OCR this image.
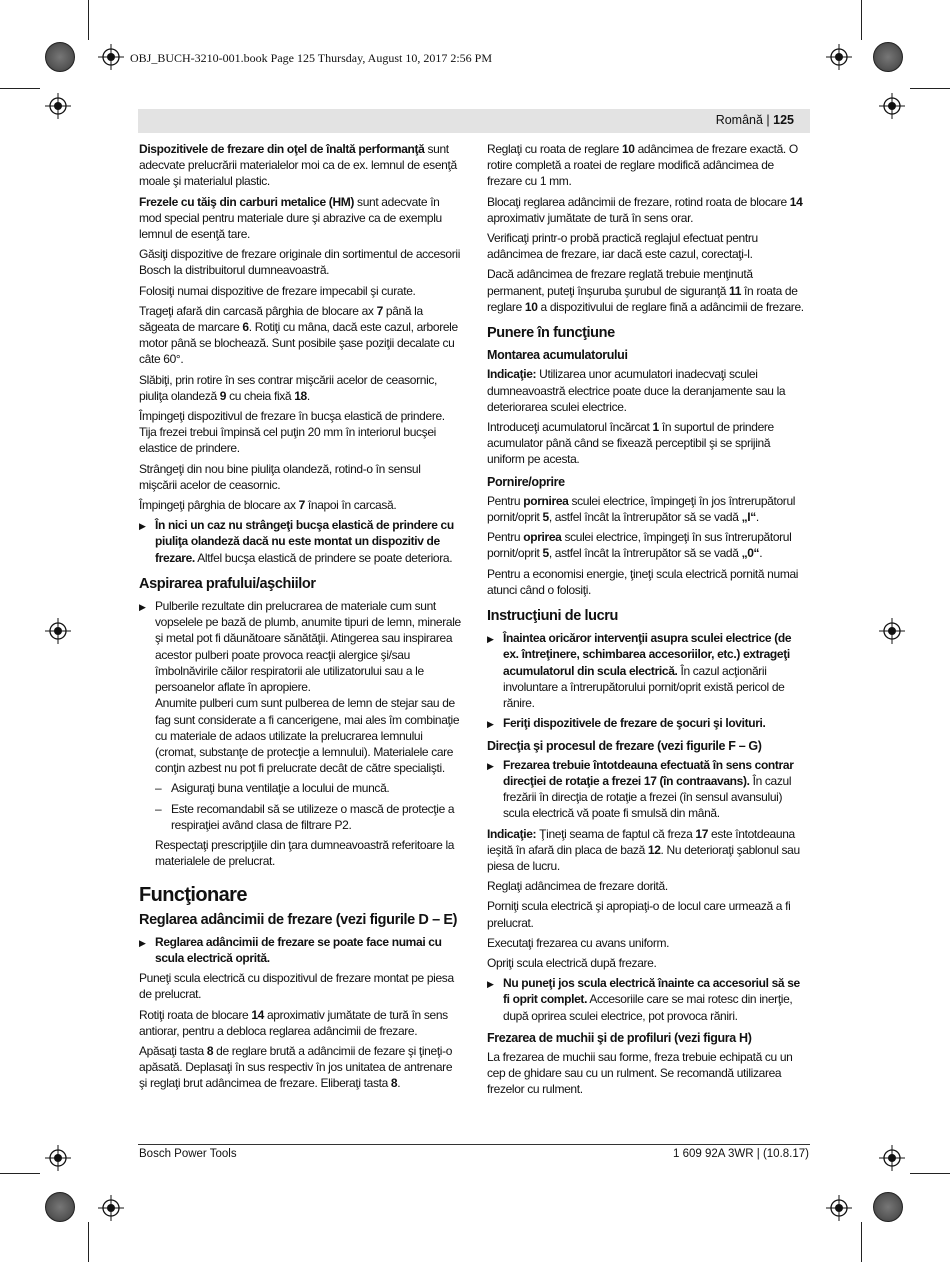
OBJ_BUCH-3210-001.book Page 125 Thursday, August 10, 2017 2:56 PM
Română | 125

Dispozitivele de frezare din oţel de înaltă performanţă sunt adecvate prelucrării materialelor moi ca de ex. lemnul de esenţă moale şi materialul plastic.

Frezele cu tăiş din carburi metalice (HM) sunt adecvate în mod special pentru materiale dure şi abrazive ca de exemplu lemnul de esenţă tare.

Găsiţi dispozitive de frezare originale din sortimentul de accesorii Bosch la distribuitorul dumneavoastră.

Folosiţi numai dispozitive de frezare impecabil şi curate.

Trageţi afară din carcasă pârghia de blocare ax 7 până la săgeata de marcare 6. Rotiţi cu mâna, dacă este cazul, arborele motor până se blochează. Sunt posibile şase poziţii decalate cu câte 60°.

Slăbiţi, prin rotire în ses contrar mişcării acelor de ceasornic, piuliţa olandeză 9 cu cheia fixă 18.

Împingeţi dispozitivul de frezare în bucşa elastică de prindere. Tija frezei trebui împinsă cel puţin 20 mm în interiorul bucşei elastice de prindere.

Strângeţi din nou bine piuliţa olandeză, rotind-o în sensul mişcării acelor de ceasornic.

Împingeţi pârghia de blocare ax 7 înapoi în carcasă.

▶ În nici un caz nu strângeţi bucşa elastică de prindere cu piuliţa olandeză dacă nu este montat un dispozitiv de frezare. Altfel bucşa elastică de prindere se poate deteriora.

Aspirarea prafului/aşchiilor

▶ Pulberile rezultate din prelucrarea de materiale cum sunt vopselele pe bază de plumb, anumite tipuri de lemn, minerale şi metal pot fi dăunătoare sănătăţii. Atingerea sau inspirarea acestor pulberi poate provoca reacţii alergice şi/sau îmbolnăvirile căilor respiratorii ale utilizatorului sau a le persoanelor aflate în apropiere.

Anumite pulberi cum sunt pulberea de lemn de stejar sau de fag sunt considerate a fi cancerigene, mai ales îm combinaţie cu materiale de adaos utilizate la prelucrarea lemnului (cromat, substanţe de protecţie a lemnului). Materialele care conţin azbest nu pot fi prelucrate decât de către specialişti.

– Asiguraţi buna ventilaţie a locului de muncă.

– Este recomandabil să se utilizeze o mască de protecţie a respiraţiei având clasa de filtrare P2.

Respectaţi prescripţiile din ţara dumneavoastră referitoare la materialele de prelucrat.

Funcţionare
Reglarea adâncimii de frezare (vezi figurile D – E)

▶ Reglarea adâncimii de frezare se poate face numai cu scula electrică oprită.

Puneţi scula electrică cu dispozitivul de frezare montat pe piesa de prelucrat.

Rotiţi roata de blocare 14 aproximativ jumătate de tură în sens antiorar, pentru a debloca reglarea adâncimii de frezare.

Apăsaţi tasta 8 de reglare brută a adâncimii de fezare şi ţineţi-o apăsată. Deplasaţi în sus respectiv în jos unitatea de antrenare şi reglaţi brut adâncimea de frezare. Eliberaţi tasta 8.

Reglaţi cu roata de reglare 10 adâncimea de frezare exactă. O rotire completă a roatei de reglare modifică adâncimea de frezare cu 1 mm.

Blocaţi reglarea adâncimii de frezare, rotind roata de blocare 14 aproximativ jumătate de tură în sens orar.

Verificaţi printr-o probă practică reglajul efectuat pentru adâncimea de frezare, iar dacă este cazul, corectaţi-l.

Dacă adâncimea de frezare reglată trebuie menţinută permanent, puteţi înşuruba şurubul de siguranţă 11 în roata de reglare 10 a dispozitivului de reglare fină a adâncimii de frezare.

Punere în funcţiune
Montarea acumulatorului

Indicaţie: Utilizarea unor acumulatori inadecvaţi sculei dumneavoastră electrice poate duce la deranjamente sau la deteriorarea sculei electrice.

Introduceţi acumulatorul încărcat 1 în suportul de prindere acumulator până când se fixează perceptibil şi se sprijină uniform pe acesta.

Pornire/oprire

Pentru pornirea sculei electrice, împingeţi în jos întrerupătorul pornit/oprit 5, astfel încât la întrerupător să se vadă „I“.

Pentru oprirea sculei electrice, împingeţi în sus întrerupătorul pornit/oprit 5, astfel încât la întrerupător să se vadă „0“.

Pentru a economisi energie, ţineţi scula electrică pornită numai atunci când o folosiţi.

Instrucţiuni de lucru

▶ Înaintea oricăror intervenţii asupra sculei electrice (de ex. întreţinere, schimbarea accesoriilor, etc.) extrageţi acumulatorul din scula electrică. În cazul acţionării involuntare a întrerupătorului pornit/oprit există pericol de rănire.

▶ Feriţi dispozitivele de frezare de şocuri şi lovituri.

Direcţia şi procesul de frezare (vezi figurile F – G)

▶ Frezarea trebuie întotdeauna efectuată în sens contrar direcţiei de rotaţie a frezei 17 (în contraavans). În cazul frezării în direcţia de rotaţie a frezei (în sensul avansului) scula electrică vă poate fi smulsă din mână.

Indicaţie: Ţineţi seama de faptul că freza 17 este întotdeauna ieşită în afară din placa de bază 12. Nu deterioraţi şablonul sau piesa de lucru.

Reglaţi adâncimea de frezare dorită.

Porniţi scula electrică şi apropiaţi-o de locul care urmează a fi prelucrat.

Executaţi frezarea cu avans uniform.

Opriţi scula electrică după frezare.

▶ Nu puneţi jos scula electrică înainte ca accesoriul să se fi oprit complet. Accesoriile care se mai rotesc din inerţie, după oprirea sculei electrice, pot provoca răniri.

Frezarea de muchii şi de profiluri (vezi figura H)

La frezarea de muchii sau forme, freza trebuie echipată cu un cep de ghidare sau cu un rulment. Se recomandă utilizarea frezelor cu rulment.

Bosch Power Tools	1 609 92A 3WR | (10.8.17)
